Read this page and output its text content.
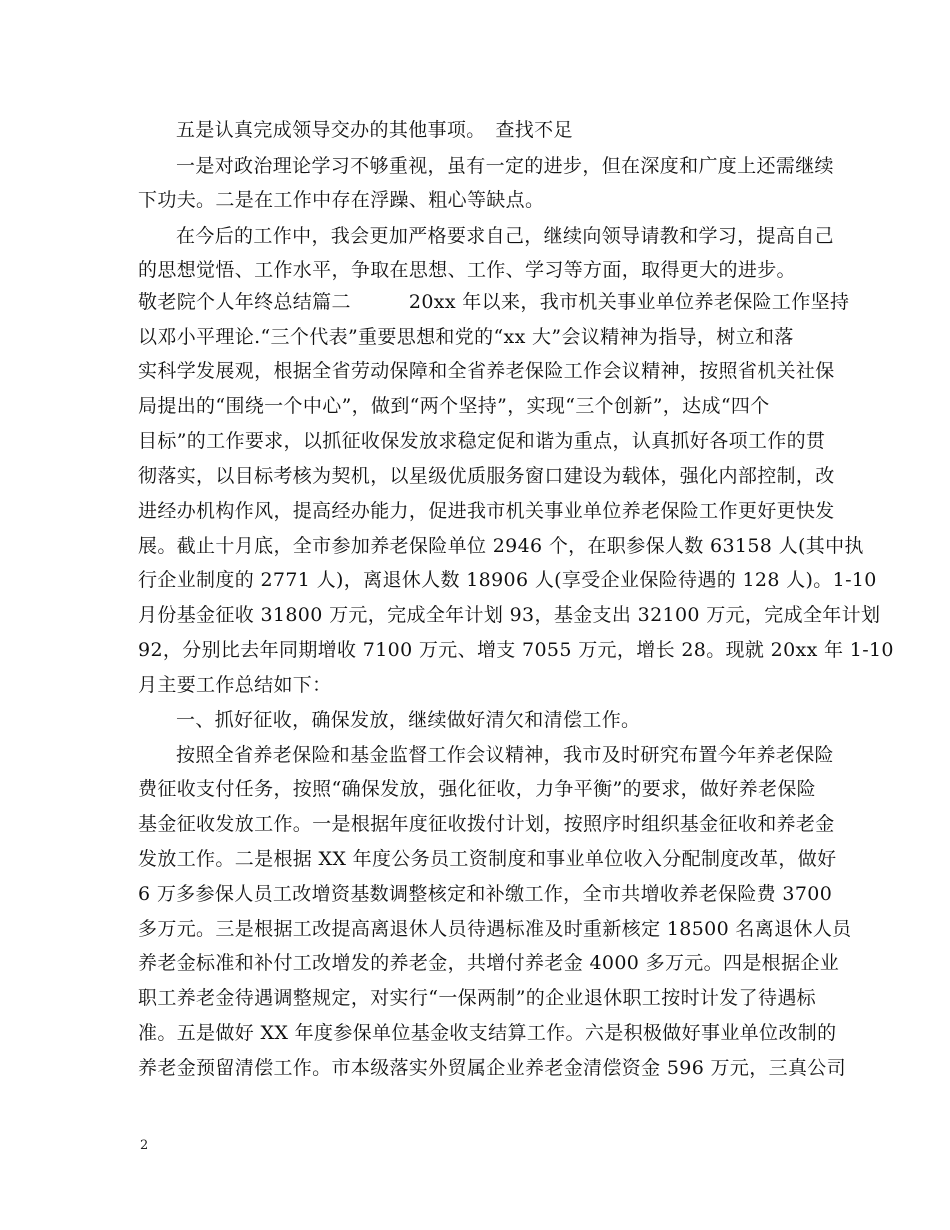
五是认真完成领导交办的其他事项。　查找不足
一是对政治理论学习不够重视，虽有一定的进步，但在深度和广度上还需继续
下功夫。二是在工作中存在浮躁、粗心等缺点。
在今后的工作中，我会更加严格要求自己，继续向领导请教和学习，提高自己
的思想觉悟、工作水平，争取在思想、工作、学习等方面，取得更大的进步。
敬老院个人年终总结篇二　　　20xx 年以来，我市机关事业单位养老保险工作坚持
以邓小平理论.“三个代表”重要思想和党的“xx 大”会议精神为指导，树立和落
实科学发展观，根据全省劳动保障和全省养老保险工作会议精神，按照省机关社保
局提出的“围绕一个中心”，做到“两个坚持”，实现“三个创新”，达成“四个
目标”的工作要求，以抓征收保发放求稳定促和谐为重点，认真抓好各项工作的贯
彻落实，以目标考核为契机，以星级优质服务窗口建设为载体，强化内部控制，改
进经办机构作风，提高经办能力，促进我市机关事业单位养老保险工作更好更快发
展。截止十月底，全市参加养老保险单位 2946 个，在职参保人数 63158 人(其中执
行企业制度的 2771 人)，离退休人数 18906 人(享受企业保险待遇的 128 人)。1-10
月份基金征收 31800 万元，完成全年计划 93，基金支出 32100 万元，完成全年计划
92，分别比去年同期增收 7100 万元、增支 7055 万元，增长 28。现就 20xx 年 1-10
月主要工作总结如下：
一、抓好征收，确保发放，继续做好清欠和清偿工作。
按照全省养老保险和基金监督工作会议精神，我市及时研究布置今年养老保险
费征收支付任务，按照“确保发放，强化征收，力争平衡”的要求，做好养老保险
基金征收发放工作。一是根据年度征收拨付计划，按照序时组织基金征收和养老金
发放工作。二是根据 XX 年度公务员工资制度和事业单位收入分配制度改革，做好
6 万多参保人员工改增资基数调整核定和补缴工作，全市共增收养老保险费 3700
多万元。三是根据工改提高离退休人员待遇标准及时重新核定 18500 名离退休人员
养老金标准和补付工改增发的养老金，共增付养老金 4000 多万元。四是根据企业
职工养老金待遇调整规定，对实行“一保两制”的企业退休职工按时计发了待遇标
准。五是做好 XX 年度参保单位基金收支结算工作。六是积极做好事业单位改制的
养老金预留清偿工作。市本级落实外贸属企业养老金清偿资金 596 万元，三真公司
2
